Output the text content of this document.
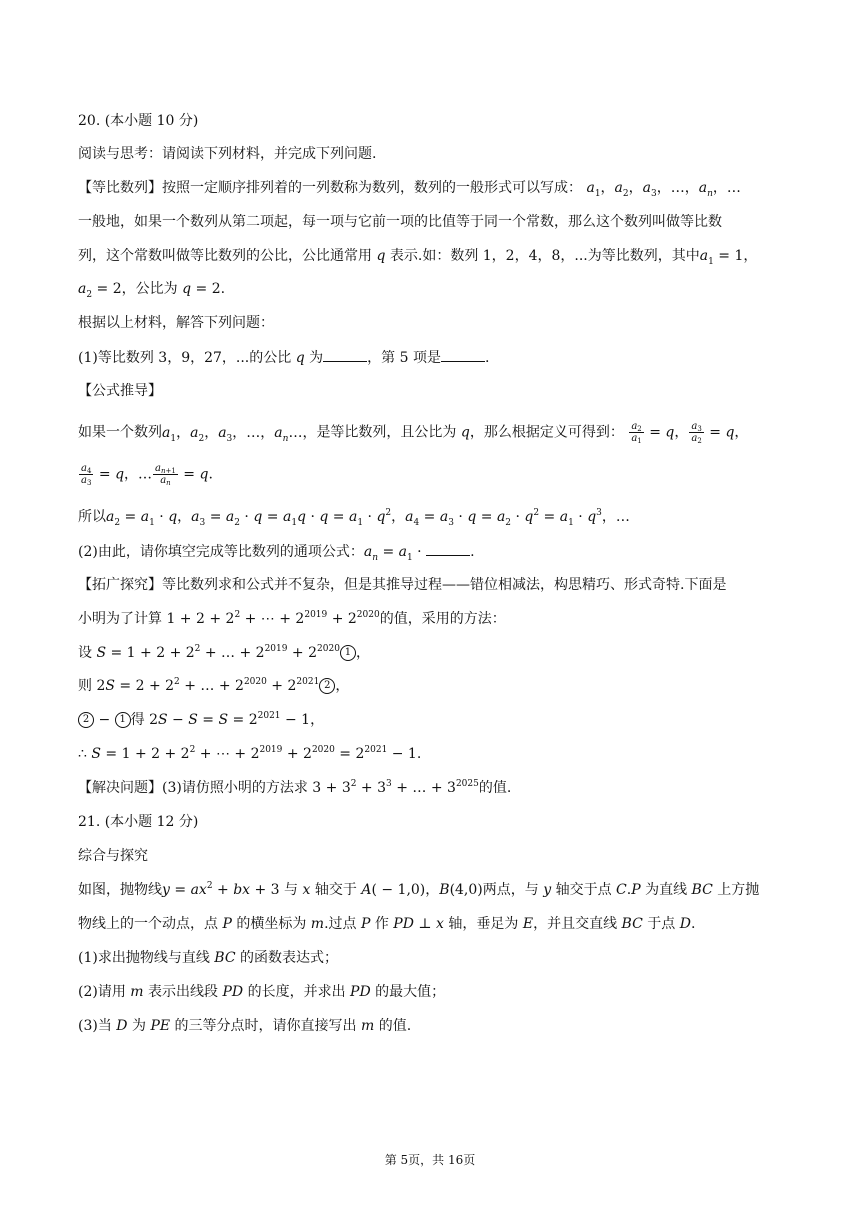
20. (本小题 10 分)
阅读与思考：请阅读下列材料，并完成下列问题.
【等比数列】按照一定顺序排列着的一列数称为数列，数列的一般形式可以写成： $a_1$，$a_2$，$a_3$，…，$a_n$，…
一般地，如果一个数列从第二项起，每一项与它前一项的比值等于同一个常数，那么这个数列叫做等比数
列，这个常数叫做等比数列的公比，公比通常用 q 表示.如：数列 1，2，4，8，...为等比数列，其中$a_1 = 1$，
$a_2 = 2$，公比为 q = 2.
根据以上材料，解答下列问题：
(1)等比数列 3，9，27，...的公比 q 为	，第 5 项是	.
【公式推导】
如果一个数列$a_1$，$a_2$，$a_3$，…，$a_n\dots$，是等比数列，且公比为 q，那么根据定义可得到： $\frac{a_2}{a_1} = q$， $\frac{a_3}{a_2} = q$，
$\frac{a_4}{a_3} = q$，… $\frac{a_{n+1}}{a_n} = q$.
所以$a_2 = a_1 \cdot q$，$a_3 = a_2 \cdot q = a_1q \cdot q = a_1 \cdot q^2$，$a_4 = a_3 \cdot q = a_2 \cdot q^2 = a_1 \cdot q^3$，…
(2)由此，请你填空完成等比数列的通项公式：$a_n = a_1$ ·	.
【拓广探究】等比数列求和公式并不复杂，但是其推导过程——错位相减法，构思精巧、形式奇特.下面是
小明为了计算 $1 + 2 + 2^2$ + ⋯ + $2^{2019} + 2^{2020}$的值，采用的方法：
设 $S = 1 + 2 + 2^2$ + … + $2^{2019} + 2^{2020}$ 1 ，
则 $2S = 2 + 2^2$ + … + $2^{2020} + 2^{2021}$ 2 ，
2 − 1 得 $2S - S = S = 2^{2021} - 1$，
∴ $S = 1 + 2 + 2^2$ + ⋯ + $2^{2019} + 2^{2020} = 2^{2021} - 1$.
【解决问题】(3)请仿照小明的方法求 $3 + 3^2 + 3^3$ + … + $3^{2025}$的值.
21. (本小题 12 分)
综合与探究
如图，抛物线$y = ax^2$ + bx + 3 与 x 轴交于 A( − 1,0)，B(4,0)两点，与 y 轴交于点 C.P 为直线 BC 上方抛
物线上的一个动点，点 P 的横坐标为 m.过点 P 作 PD ⊥ x 轴，垂足为 E，并且交直线 BC 于点 D.
(1)求出抛物线与直线 BC 的函数表达式；
(2)请用 m 表示出线段 PD 的长度，并求出 PD 的最大值；
(3)当 D 为 PE 的三等分点时，请你直接写出 m 的值.
第 5页，共 16页
